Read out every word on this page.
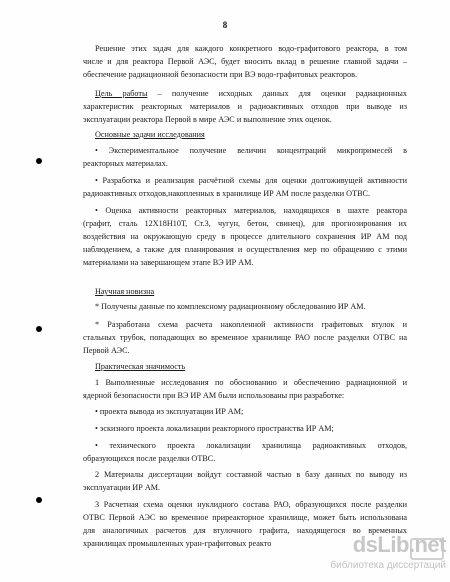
8
Решение этих задач для каждого конкретного водо-графитового реактора, в том
числе и для реактора Первой АЭС, будет вносить вклад в решение главной задачи –
обеспечение радиационной безопасности при ВЭ водо-графитовых реакторов.
Цель работы – получение исходных данных для оценки радиационных
характеристик реакторных материалов и радиоактивных отходов при выводе из
эксплуатации реактора Первой в мире АЭС и выполнение этих оценок.
Основные задачи исследования
• Экспериментальное получение величин концентраций микропримесей в
реакторных материалах.
• Разработка и реализация расчётной схемы для оценки долгоживущей активности
радиоактивных отходов,накопленных в хранилище ИР АМ после разделки ОТВС.
• Оценка активности реакторных материалов, находящихся в шахте реактора
(графит, сталь 12Х18Н10Т, Ст.3, чугун, бетон, свинец), для прогнозирования их
воздействия на окружающую среду в процессе длительного сохранения ИР АМ под
наблюдением, а также для планирования и осуществления мер по обращению с этими
материалами на завершающем этапе ВЭ ИР АМ.
Научная новизна
* Получены данные по комплексному радиационному обследованию ИР АМ.
* Разработана схема расчета накопленной активности графитовых втулок и
стальных трубок, попадающих во временное хранилище РАО после разделки ОТВС на
Первой АЭС.
Практическая значимость
1 Выполненные исследования по обоснованию и обеспечению радиационной и
ядерной безопасности при ВЭ ИР АМ были использованы при разработке:
• проекта вывода из эксплуатации ИР АМ;
• эскизного проекта локализации реакторного пространства ИР АМ;
• технического проекта локализации хранилища радиоактивных отходов,
образующихся после разделки ОТВС.
2 Материалы диссертации войдут составной частью в базу данных по выводу из
эксплуатации ИР АМ.
3 Расчетная схема оценки нуклидного состава РАО, образующихся после разделки
ОТВС Первой АЭС во временное приреакторное хранилище, может быть использована
для аналогичных расчетов для втулочного графита, находящегося во временных
хранилищах промышленных уран-графитовых реакто	dsLib.net
библиотека диссертаций
